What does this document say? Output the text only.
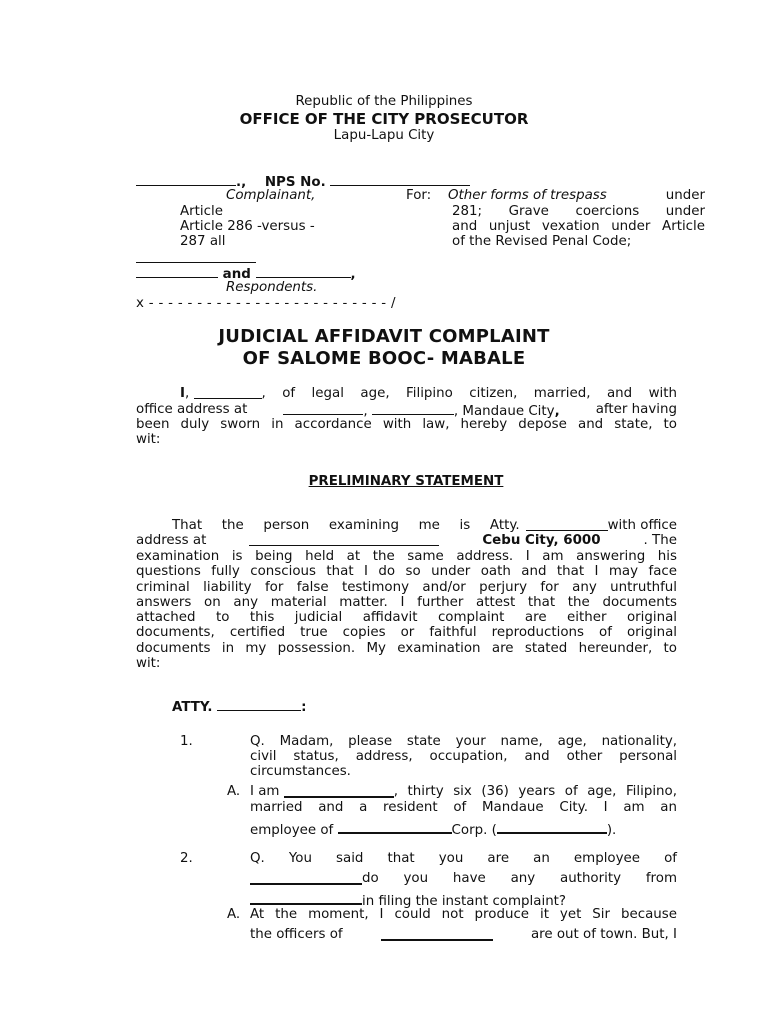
Republic of the Philippines
OFFICE OF THE CITY PROSECUTOR
Lapu-Lapu City
., NPS No.
Complainant,	For: Other forms of trespass	under
Article
Article 286 -versus -
287 all
281; Grave coercions under
and unjust vexation under Article
of the Revised Penal Code;
and	,
Respondents.
x - - - - - - - - - - - - - - - - - - - - - - - - - /
JUDICIAL AFFIDAVIT COMPLAINT
OF SALOME BOOC- MABALE
I ,	, of legal age, Filipino citizen, married, and with
office address at	,	, Mandaue City,	after having
been duly sworn in accordance with law, hereby depose and state, to
wit:
PRELIMINARY STATEMENT
That the person examining me is Atty.	with office
address at	Cebu City, 6000	. The
examination is being held at the same address. I am answering his
questions fully conscious that I do so under oath and that I may face
criminal liability for false testimony and/or perjury for any untruthful
answers on any material matter. I further attest that the documents
attached to this judicial affidavit complaint are either original
documents, certified true copies or faithful reproductions of original
documents in my possession. My examination are stated hereunder, to
wit:
ATTY.	:
1.	Q. Madam, please state your name, age, nationality,
civil status, address, occupation, and other personal
circumstances.
A. I am
	, thirty six (36) years of age, Filipino,
married and a resident of Mandaue City. I am an
employee of	Corp. (	).
2.	Q. You said that you are an employee of
do you have any authority from
in filing the instant complaint?
A. At the moment, I could not produce it yet Sir because
the officers of	are out of town. But, I
